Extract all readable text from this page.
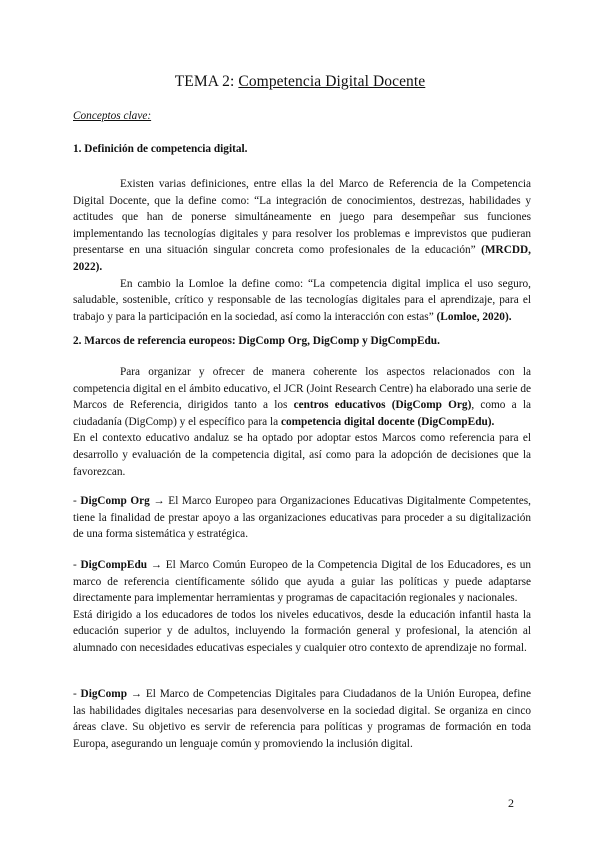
TEMA 2: Competencia Digital Docente
Conceptos clave:
1. Definición de competencia digital.

Existen varias definiciones, entre ellas la del Marco de Referencia de la Competencia Digital Docente, que la define como: “La integración de conocimientos, destrezas, habilidades y actitudes que han de ponerse simultáneamente en juego para desempeñar sus funciones implementando las tecnologías digitales y para resolver los problemas e imprevistos que pudieran presentarse en una situación singular concreta como profesionales de la educación” (MRCDD, 2022).

En cambio la Lomloe la define como: “La competencia digital implica el uso seguro, saludable, sostenible, crítico y responsable de las tecnologías digitales para el aprendizaje, para el trabajo y para la participación en la sociedad, así como la interacción con estas” (Lomloe, 2020).

2. Marcos de referencia europeos: DigComp Org, DigComp y DigCompEdu.

Para organizar y ofrecer de manera coherente los aspectos relacionados con la competencia digital en el ámbito educativo, el JCR (Joint Research Centre) ha elaborado una serie de Marcos de Referencia, dirigidos tanto a los centros educativos (DigComp Org), como a la ciudadanía (DigComp) y el específico para la competencia digital docente (DigCompEdu).

En el contexto educativo andaluz se ha optado por adoptar estos Marcos como referencia para el desarrollo y evaluación de la competencia digital, así como para la adopción de decisiones que la favorezcan.

- DigComp Org → El Marco Europeo para Organizaciones Educativas Digitalmente Competentes, tiene la finalidad de prestar apoyo a las organizaciones educativas para proceder a su digitalización de una forma sistemática y estratégica.

- DigCompEdu → El Marco Común Europeo de la Competencia Digital de los Educadores, es un marco de referencia científicamente sólido que ayuda a guiar las políticas y puede adaptarse directamente para implementar herramientas y programas de capacitación regionales y nacionales.

Está dirigido a los educadores de todos los niveles educativos, desde la educación infantil hasta la educación superior y de adultos, incluyendo la formación general y profesional, la atención al alumnado con necesidades educativas especiales y cualquier otro contexto de aprendizaje no formal.

- DigComp → El Marco de Competencias Digitales para Ciudadanos de la Unión Europea, define las habilidades digitales necesarias para desenvolverse en la sociedad digital. Se organiza en cinco áreas clave. Su objetivo es servir de referencia para políticas y programas de formación en toda Europa, asegurando un lenguaje común y promoviendo la inclusión digital.

2
